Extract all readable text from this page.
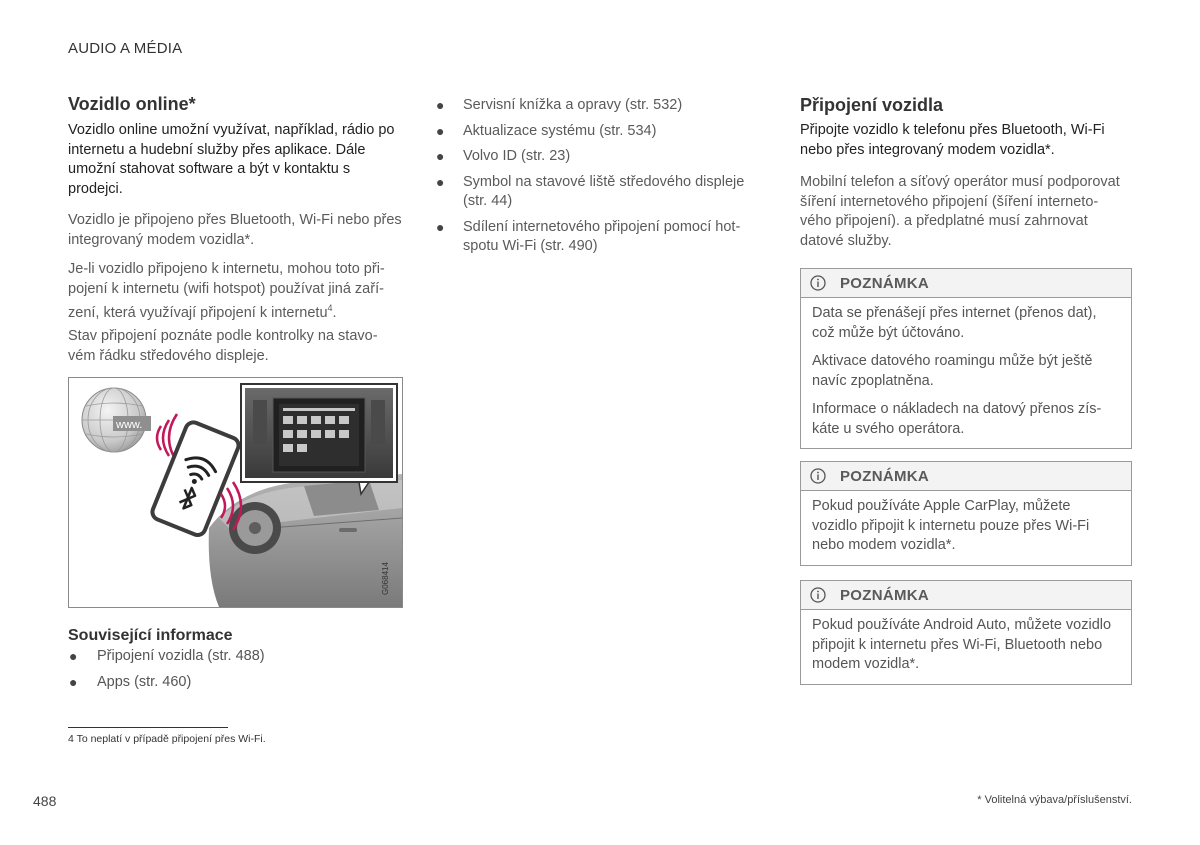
AUDIO A MÉDIA
Vozidlo online*
Vozidlo online umožní využívat, například, rádio po internetu a hudební služby přes aplikace. Dále umožní stahovat software a být v kontaktu s prodejci.
Vozidlo je připojeno přes Bluetooth, Wi-Fi nebo přes integrovaný modem vozidla*.
Je-li vozidlo připojeno k internetu, mohou toto při-
pojení k internetu (wifi hotspot) používat jiná zaří-
zení, která využívají připojení k internetu$^4$.
Stav připojení poznáte podle kontrolky na stavo-
vém řádku středového displeje.
www.
G068414
Související informace
● Připojení vozidla (str. 488)
● Apps (str. 460)
● Servisní knížka a opravy (str. 532)
● Aktualizace systému (str. 534)
● Volvo ID (str. 23)
● Symbol na stavové liště středového displeje
(str. 44)
● Sdílení internetového připojení pomocí hot-
spotu Wi-Fi (str. 490)
Připojení vozidla
Připojte vozidlo k telefonu přes Bluetooth, Wi-Fi
nebo přes integrovaný modem vozidla*.
Mobilní telefon a síťový operátor musí podporovat
šíření internetového připojení (šíření interneto-
vého připojení). a předplatné musí zahrnovat
datové služby.
POZNÁMKA

Data se přenášejí přes internet (přenos dat),
což může být účtováno.

Aktivace datového roamingu může být ještě
navíc zpoplatněna.

Informace o nákladech na datový přenos zís-
káte u svého operátora.

POZNÁMKA

Pokud používáte Apple CarPlay, můžete
vozidlo připojit k internetu pouze přes Wi-Fi
nebo modem vozidla*.

POZNÁMKA

Pokud používáte Android Auto, můžete vozidlo
připojit k internetu přes Wi-Fi, Bluetooth nebo
modem vozidla*.

4 To neplatí v případě připojení přes Wi-Fi.
488	* Volitelná výbava/příslušenství.
